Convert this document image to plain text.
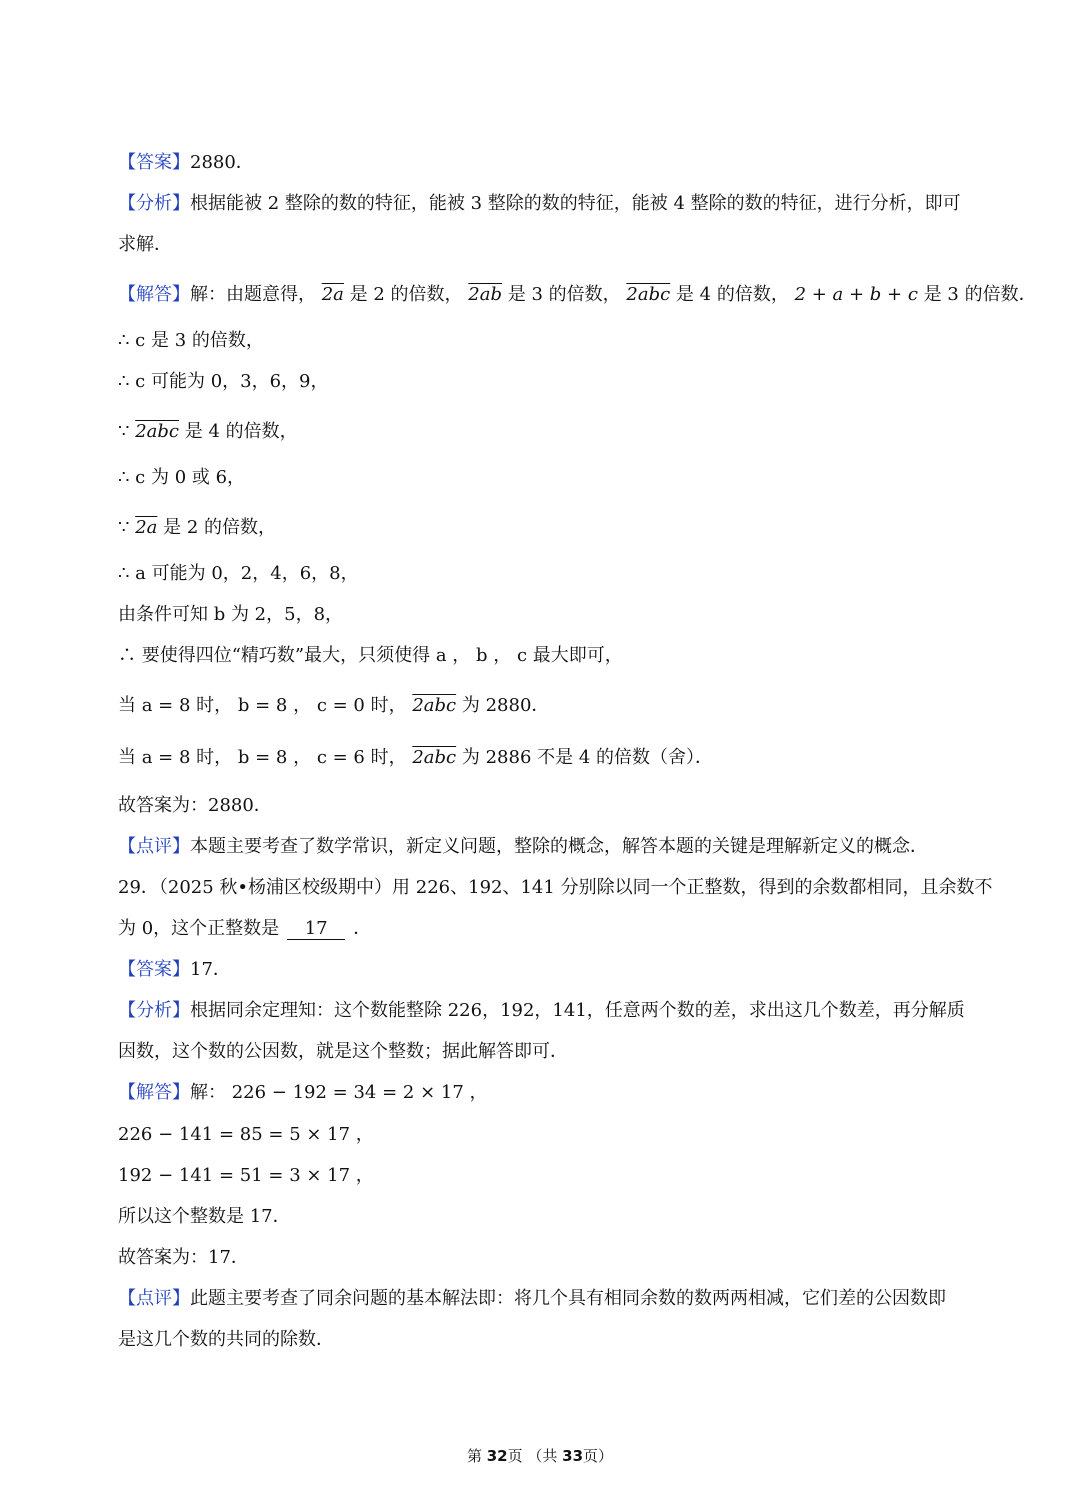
【答案】2880．
【分析】根据能被 2 整除的数的特征，能被 3 整除的数的特征，能被 4 整除的数的特征，进行分析，即可
求解．
【解答】解：由题意得， 2a 是 2 的倍数， 2ab 是 3 的倍数， 2abc 是 4 的倍数， 2 + a + b + c 是 3 的倍数．
∴ c 是 3 的倍数，
∴ c 可能为 0，3，6，9，
∵ 2abc 是 4 的倍数，
∴ c 为 0 或 6，
∵ 2a 是 2 的倍数，
∴ a 可能为 0，2，4，6，8，
由条件可知 b 为 2，5，8，
∴ 要使得四位“精巧数”最大，只须使得 a ， b ， c 最大即可，
当 a = 8 时， b = 8 ， c = 0 时， 2abc 为 2880．
当 a = 8 时， b = 8 ， c = 6 时， 2abc 为 2886 不是 4 的倍数（舍）．
故答案为：2880．
【点评】本题主要考查了数学常识，新定义问题，整除的概念，解答本题的关键是理解新定义的概念．
29．（2025 秋•杨浦区校级期中）用 226、192、141 分别除以同一个正整数，得到的余数都相同，且余数不
为 0，这个正整数是 17 ．
【答案】17．
【分析】根据同余定理知：这个数能整除 226，192，141，任意两个数的差，求出这几个数差，再分解质
因数，这个数的公因数，就是这个整数；据此解答即可．
【解答】解： 226 − 192 = 34 = 2 × 17 ，
226 − 141 = 85 = 5 × 17 ，
192 − 141 = 51 = 3 × 17 ，
所以这个整数是 17．
故答案为：17．
【点评】此题主要考查了同余问题的基本解法即：将几个具有相同余数的数两两相减，它们差的公因数即
是这几个数的共同的除数．
第 32页 （共 33页）
